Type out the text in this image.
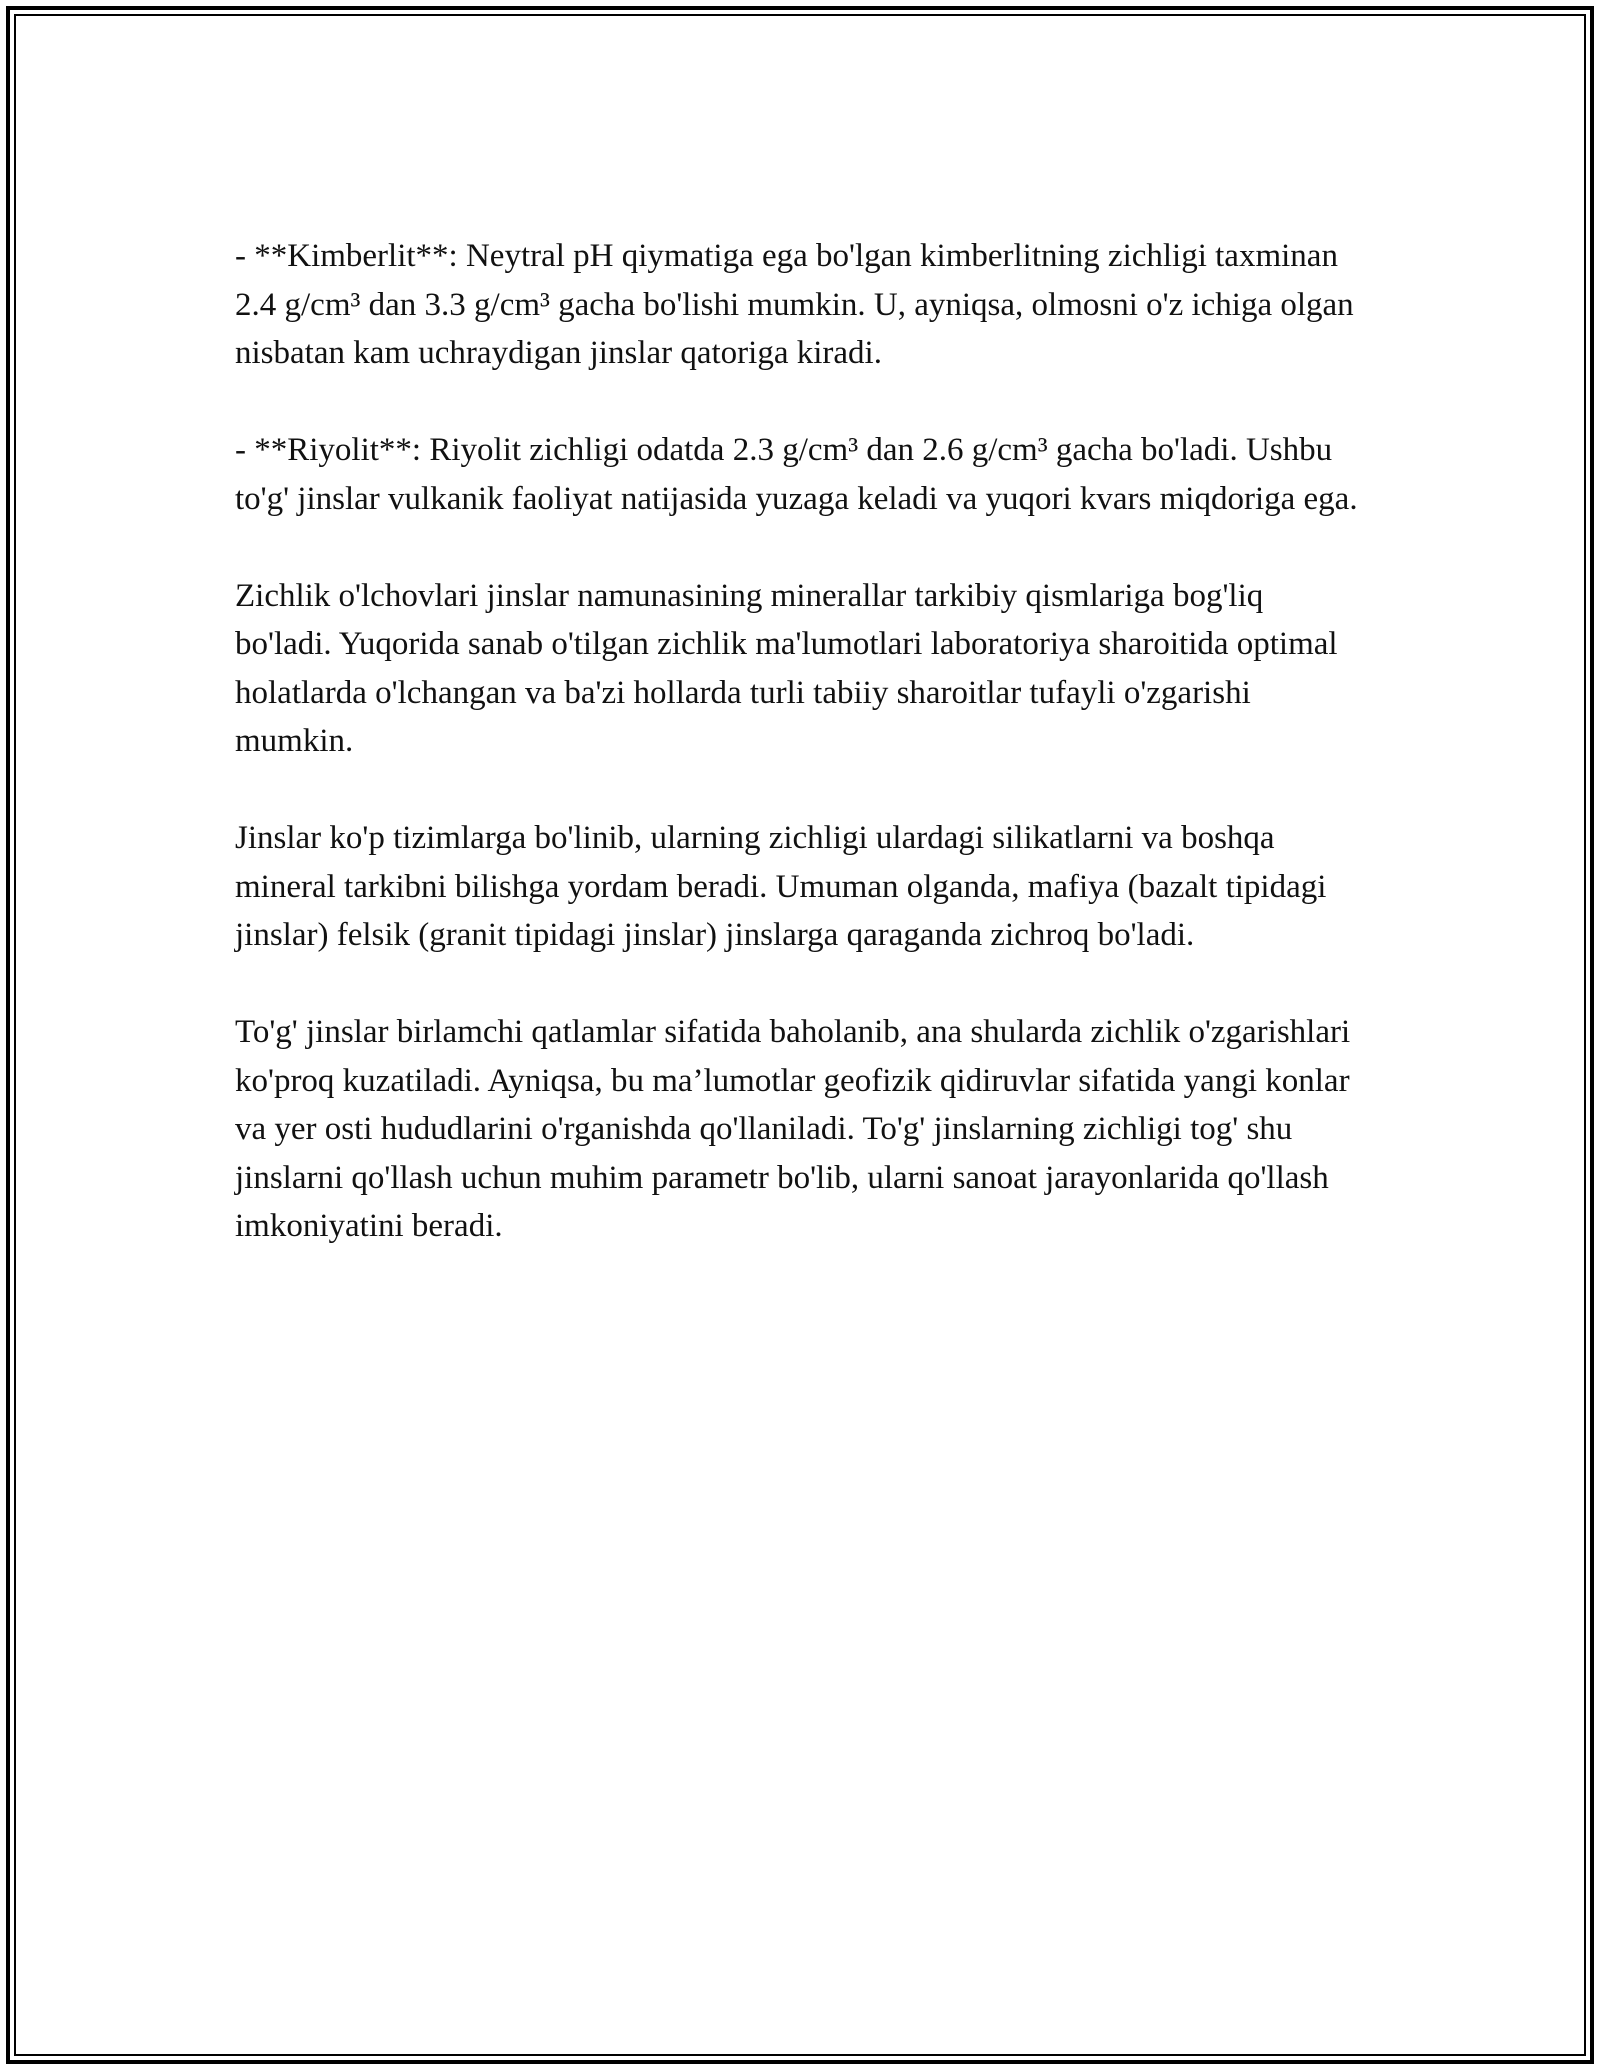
- **Kimberlit**: Neytral pH qiymatiga ega bo'lgan kimberlitning zichligi taxminan 2.4 g/cm³ dan 3.3 g/cm³ gacha bo'lishi mumkin. U, ayniqsa, olmosni o'z ichiga olgan nisbatan kam uchraydigan jinslar qatoriga kiradi.

- **Riyolit**: Riyolit zichligi odatda 2.3 g/cm³ dan 2.6 g/cm³ gacha bo'ladi. Ushbu to'g' jinslar vulkanik faoliyat natijasida yuzaga keladi va yuqori kvars miqdoriga ega.

Zichlik o'lchovlari jinslar namunasining minerallar tarkibiy qismlariga bog'liq bo'ladi. Yuqorida sanab o'tilgan zichlik ma'lumotlari laboratoriya sharoitida optimal holatlarda o'lchangan va ba'zi hollarda turli tabiiy sharoitlar tufayli o'zgarishi mumkin.

Jinslar ko'p tizimlarga bo'linib, ularning zichligi ulardagi silikatlarni va boshqa mineral tarkibni bilishga yordam beradi. Umuman olganda, mafiya (bazalt tipidagi jinslar) felsik (granit tipidagi jinslar) jinslarga qaraganda zichroq bo'ladi.

To'g' jinslar birlamchi qatlamlar sifatida baholanib, ana shularda zichlik o'zgarishlari ko'proq kuzatiladi. Ayniqsa, bu ma’lumotlar geofizik qidiruvlar sifatida yangi konlar va yer osti hududlarini o'rganishda qo'llaniladi. To'g' jinslarning zichligi tog' shu jinslarni qo'llash uchun muhim parametr bo'lib, ularni sanoat jarayonlarida qo'llash imkoniyatini beradi.
